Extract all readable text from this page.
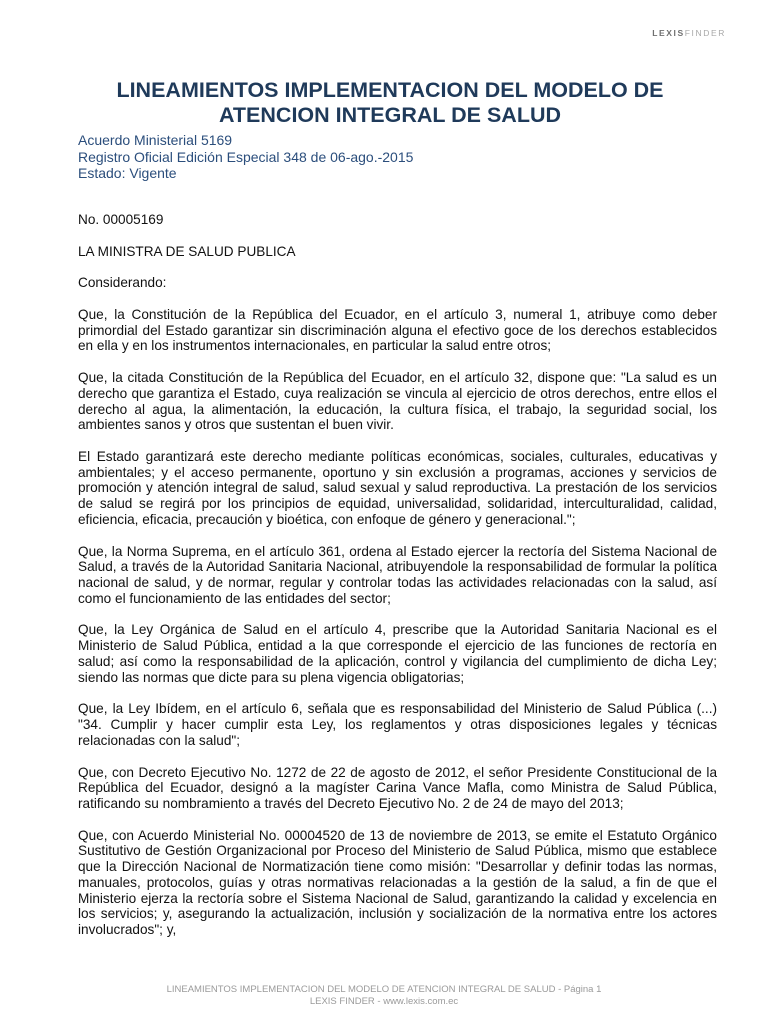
LEXISFINDER
LINEAMIENTOS IMPLEMENTACION DEL MODELO DE ATENCION INTEGRAL DE SALUD
Acuerdo Ministerial 5169
Registro Oficial Edición Especial 348 de 06-ago.-2015
Estado: Vigente

No. 00005169

LA MINISTRA DE SALUD PUBLICA

Considerando:

Que, la Constitución de la República del Ecuador, en el artículo 3, numeral 1, atribuye como deber primordial del Estado garantizar sin discriminación alguna el efectivo goce de los derechos establecidos en ella y en los instrumentos internacionales, en particular la salud entre otros;

Que, la citada Constitución de la República del Ecuador, en el artículo 32, dispone que: "La salud es un derecho que garantiza el Estado, cuya realización se vincula al ejercicio de otros derechos, entre ellos el derecho al agua, la alimentación, la educación, la cultura física, el trabajo, la seguridad social, los ambientes sanos y otros que sustentan el buen vivir.

El Estado garantizará este derecho mediante políticas económicas, sociales, culturales, educativas y ambientales; y el acceso permanente, oportuno y sin exclusión a programas, acciones y servicios de promoción y atención integral de salud, salud sexual y salud reproductiva. La prestación de los servicios de salud se regirá por los principios de equidad, universalidad, solidaridad, interculturalidad, calidad, eficiencia, eficacia, precaución y bioética, con enfoque de género y generacional.";

Que, la Norma Suprema, en el artículo 361, ordena al Estado ejercer la rectoría del Sistema Nacional de Salud, a través de la Autoridad Sanitaria Nacional, atribuyendole la responsabilidad de formular la política nacional de salud, y de normar, regular y controlar todas las actividades relacionadas con la salud, así como el funcionamiento de las entidades del sector;

Que, la Ley Orgánica de Salud en el artículo 4, prescribe que la Autoridad Sanitaria Nacional es el Ministerio de Salud Pública, entidad a la que corresponde el ejercicio de las funciones de rectoría en salud; así como la responsabilidad de la aplicación, control y vigilancia del cumplimiento de dicha Ley; siendo las normas que dicte para su plena vigencia obligatorias;

Que, la Ley Ibídem, en el artículo 6, señala que es responsabilidad del Ministerio de Salud Pública (...) "34. Cumplir y hacer cumplir esta Ley, los reglamentos y otras disposiciones legales y técnicas relacionadas con la salud";

Que, con Decreto Ejecutivo No. 1272 de 22 de agosto de 2012, el señor Presidente Constitucional de la República del Ecuador, designó a la magíster Carina Vance Mafla, como Ministra de Salud Pública, ratificando su nombramiento a través del Decreto Ejecutivo No. 2 de 24 de mayo del 2013;

Que, con Acuerdo Ministerial No. 00004520 de 13 de noviembre de 2013, se emite el Estatuto Orgánico Sustitutivo de Gestión Organizacional por Proceso del Ministerio de Salud Pública, mismo que establece que la Dirección Nacional de Normatización tiene como misión: "Desarrollar y definir todas las normas, manuales, protocolos, guías y otras normativas relacionadas a la gestión de la salud, a fin de que el Ministerio ejerza la rectoría sobre el Sistema Nacional de Salud, garantizando la calidad y excelencia en los servicios; y, asegurando la actualización, inclusión y socialización de la normativa entre los actores involucrados"; y,

LINEAMIENTOS IMPLEMENTACION DEL MODELO DE ATENCION INTEGRAL DE SALUD - Página 1
LEXIS FINDER - www.lexis.com.ec
